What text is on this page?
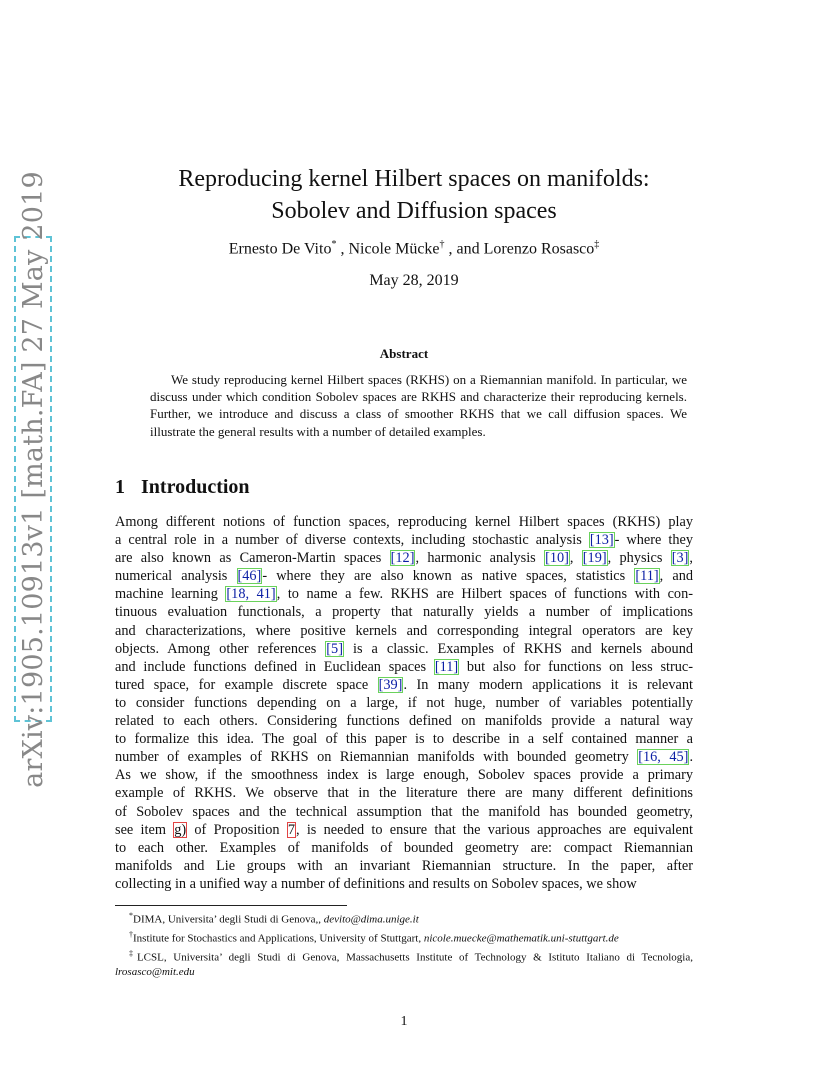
arXiv:1905.10913v1 [math.FA] 27 May 2019	Reproducing kernel Hilbert spaces on manifolds:
Sobolev and Diffusion spaces
Ernesto De Vito* , Nicole Mücke† , and Lorenzo Rosasco‡
May 28, 2019
Abstract
We study reproducing kernel Hilbert spaces (RKHS) on a Riemannian manifold. In particular, we discuss under which condition Sobolev spaces are RKHS and characterize their reproducing kernels. Further, we introduce and discuss a class of smoother RKHS that we call diffusion spaces. We illustrate the general results with a number of detailed examples.
1 Introduction
Among different notions of function spaces, reproducing kernel Hilbert spaces (RKHS) play
a central role in a number of diverse contexts, including stochastic analysis [13]- where they
are also known as Cameron-Martin spaces [12], harmonic analysis [10], [19], physics [3],
numerical analysis [46]- where they are also known as native spaces, statistics [11], and
machine learning [18, 41], to name a few. RKHS are Hilbert spaces of functions with con-
tinuous evaluation functionals, a property that naturally yields a number of implications
and characterizations, where positive kernels and corresponding integral operators are key
objects. Among other references [5] is a classic. Examples of RKHS and kernels abound
and include functions defined in Euclidean spaces [11] but also for functions on less struc-
tured space, for example discrete space [39]. In many modern applications it is relevant
to consider functions depending on a large, if not huge, number of variables potentially
related to each others. Considering functions defined on manifolds provide a natural way
to formalize this idea. The goal of this paper is to describe in a self contained manner a
number of examples of RKHS on Riemannian manifolds with bounded geometry [16, 45].
As we show, if the smoothness index is large enough, Sobolev spaces provide a primary
example of RKHS. We observe that in the literature there are many different definitions
of Sobolev spaces and the technical assumption that the manifold has bounded geometry,
see item g) of Proposition 7, is needed to ensure that the various approaches are equivalent
to each other. Examples of manifolds of bounded geometry are: compact Riemannian
manifolds and Lie groups with an invariant Riemannian structure. In the paper, after
collecting in a unified way a number of definitions and results on Sobolev spaces, we show
*DIMA, Universita’ degli Studi di Genova,, devito@dima.unige.it
†Institute for Stochastics and Applications, University of Stuttgart, nicole.muecke@mathematik.uni-stuttgart.de
‡LCSL, Universita’ degli Studi di Genova, Massachusetts Institute of Technology & Istituto Italiano di Tecnologia, lrosasco@mit.edu
1
